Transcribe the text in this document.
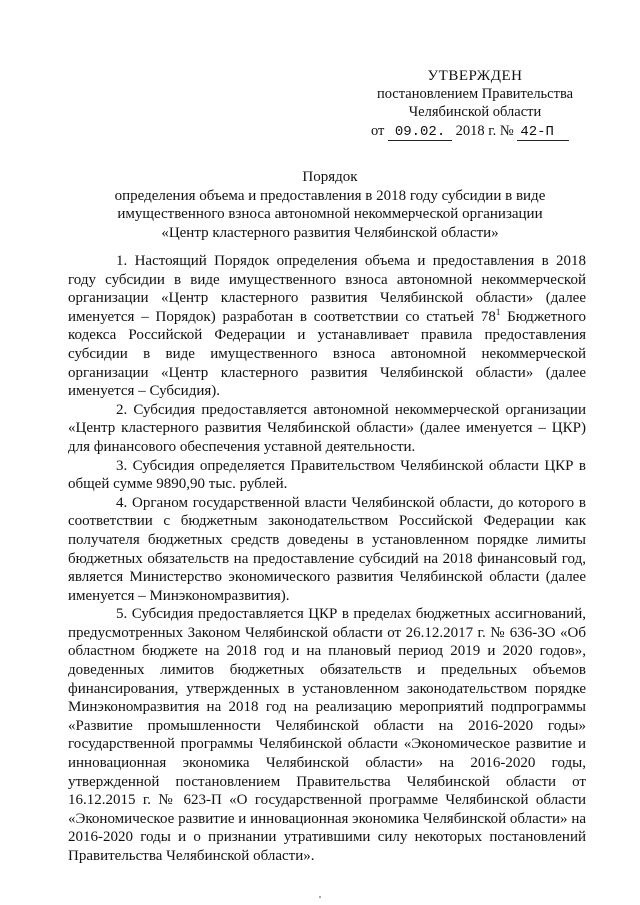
УТВЕРЖДЕН
постановлением Правительства
Челябинской области
от 09.02. 2018 г. № 42-П
Порядок
определения объема и предоставления в 2018 году субсидии в виде
имущественного взноса автономной некоммерческой организации
«Центр кластерного развития Челябинской области»

1. Настоящий Порядок определения объема и предоставления в 2018 году субсидии в виде имущественного взноса автономной некоммерческой организации «Центр кластерного развития Челябинской области» (далее именуется – Порядок) разработан в соответствии со статьей $78^1$ Бюджетного кодекса Российской Федерации и устанавливает правила предоставления субсидии в виде имущественного взноса автономной некоммерческой организации «Центр кластерного развития Челябинской области» (далее именуется – Субсидия).

2. Субсидия предоставляется автономной некоммерческой организации «Центр кластерного развития Челябинской области» (далее именуется – ЦКР) для финансового обеспечения уставной деятельности.

3. Субсидия определяется Правительством Челябинской области ЦКР в общей сумме 9890,90 тыс. рублей.

4. Органом государственной власти Челябинской области, до которого в соответствии с бюджетным законодательством Российской Федерации как получателя бюджетных средств доведены в установленном порядке лимиты бюджетных обязательств на предоставление субсидий на 2018 финансовый год, является Министерство экономического развития Челябинской области (далее именуется – Минэкономразвития).

5. Субсидия предоставляется ЦКР в пределах бюджетных ассигнований, предусмотренных Законом Челябинской области от 26.12.2017 г. № 636-ЗО «Об областном бюджете на 2018 год и на плановый период 2019 и 2020 годов», доведенных лимитов бюджетных обязательств и предельных объемов финансирования, утвержденных в установленном законодательством порядке Минэкономразвития на 2018 год на реализацию мероприятий подпрограммы «Развитие промышленности Челябинской области на 2016-2020 годы» государственной программы Челябинской области «Экономическое развитие и инновационная экономика Челябинской области» на 2016-2020 годы, утвержденной постановлением Правительства Челябинской области от 16.12.2015 г. № 623-П «О государственной программе Челябинской области «Экономическое развитие и инновационная экономика Челябинской области» на 2016-2020 годы и о признании утратившими силу некоторых постановлений Правительства Челябинской области».
